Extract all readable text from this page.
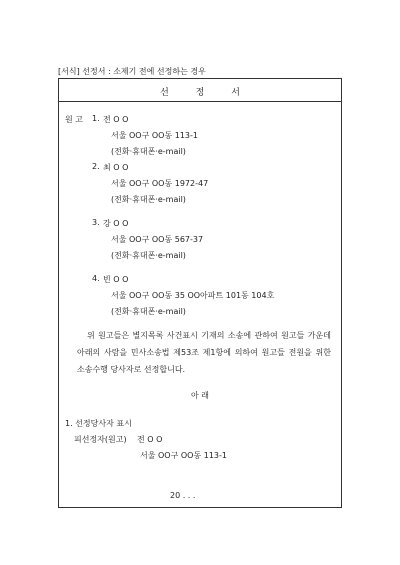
[서식] 선정서 : 소제기 전에 선정하는 경우
선 정 서
원 고 1. 전 O O
서울 OO구 OO동 113-1
(전화·휴대폰·e-mail)
2. 최 O O
서울 OO구 OO동 1972-47
(전화·휴대폰·e-mail)
3. 강 O O
서울 OO구 OO동 567-37
(전화·휴대폰·e-mail)
4. 빈 O O
서울 OO구 OO동 35 OO아파트 101동 104호
(전화·휴대폰·e-mail)
위 원고들은 별지목록 사건표시 기재의 소송에 관하여 원고들 가운데 아래의 사람을 민사소송법 제53조 제1항에 의하여 원고들 전원을 위한 소송수행 당사자로 선정합니다.
아 래
1. 선정당사자 표시
피선정자(원고) 전 O O
서울 OO구 OO동 113-1
20 . . .
